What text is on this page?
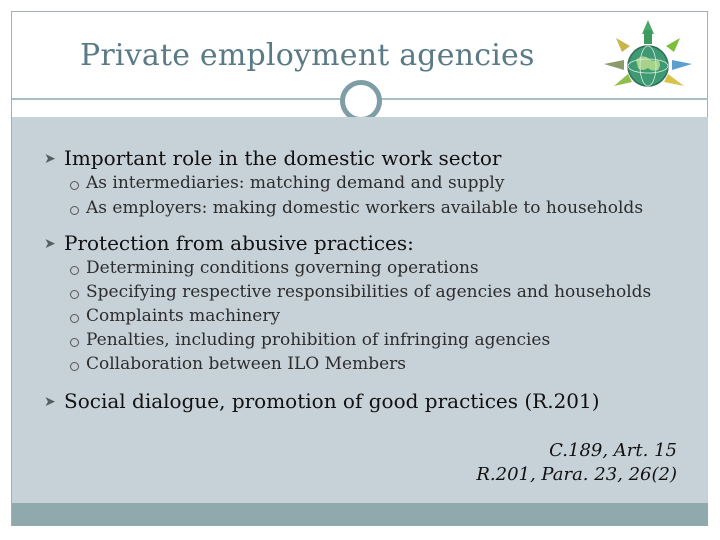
Private employment agencies
➤ Important role in the domestic work sector
As intermediaries: matching demand and supply
As employers: making domestic workers available to households
➤ Protection from abusive practices:
Determining conditions governing operations
Specifying respective responsibilities of agencies and households
Complaints machinery
Penalties, including prohibition of infringing agencies
Collaboration between ILO Members
➤ Social dialogue, promotion of good practices (R.201)
C.189, Art. 15
R.201, Para. 23, 26(2)
